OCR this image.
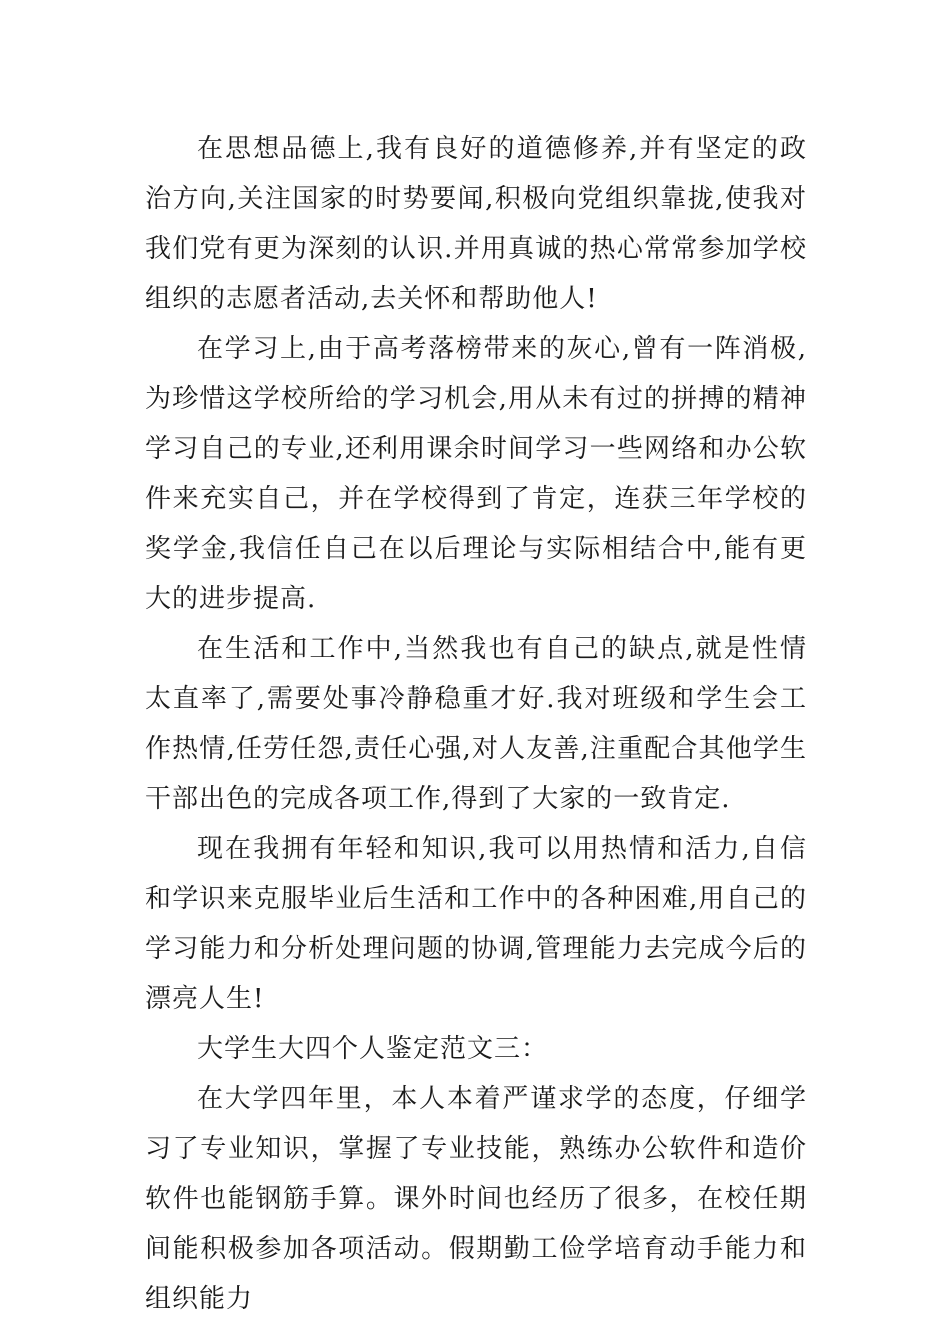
在思想品德上,我有良好的道德修养,并有坚定的政治方向,关注国家的时势要闻,积极向党组织靠拢,使我对我们党有更为深刻的认识.并用真诚的热心常常参加学校组织的志愿者活动,去关怀和帮助他人!

在学习上,由于高考落榜带来的灰心,曾有一阵消极,为珍惜这学校所给的学习机会,用从未有过的拼搏的精神学习自己的专业,还利用课余时间学习一些网络和办公软件来充实自己，并在学校得到了肯定，连获三年学校的奖学金,我信任自己在以后理论与实际相结合中,能有更大的进步提高.

在生活和工作中,当然我也有自己的缺点,就是性情太直率了,需要处事冷静稳重才好.我对班级和学生会工作热情,任劳任怨,责任心强,对人友善,注重配合其他学生干部出色的完成各项工作,得到了大家的一致肯定.

现在我拥有年轻和知识,我可以用热情和活力,自信和学识来克服毕业后生活和工作中的各种困难,用自己的学习能力和分析处理问题的协调,管理能力去完成今后的漂亮人生!

大学生大四个人鉴定范文三：

在大学四年里，本人本着严谨求学的态度，仔细学习了专业知识，掌握了专业技能，熟练办公软件和造价软件也能钢筋手算。课外时间也经历了很多，在校任期间能积极参加各项活动。假期勤工俭学培育动手能力和组织能力
